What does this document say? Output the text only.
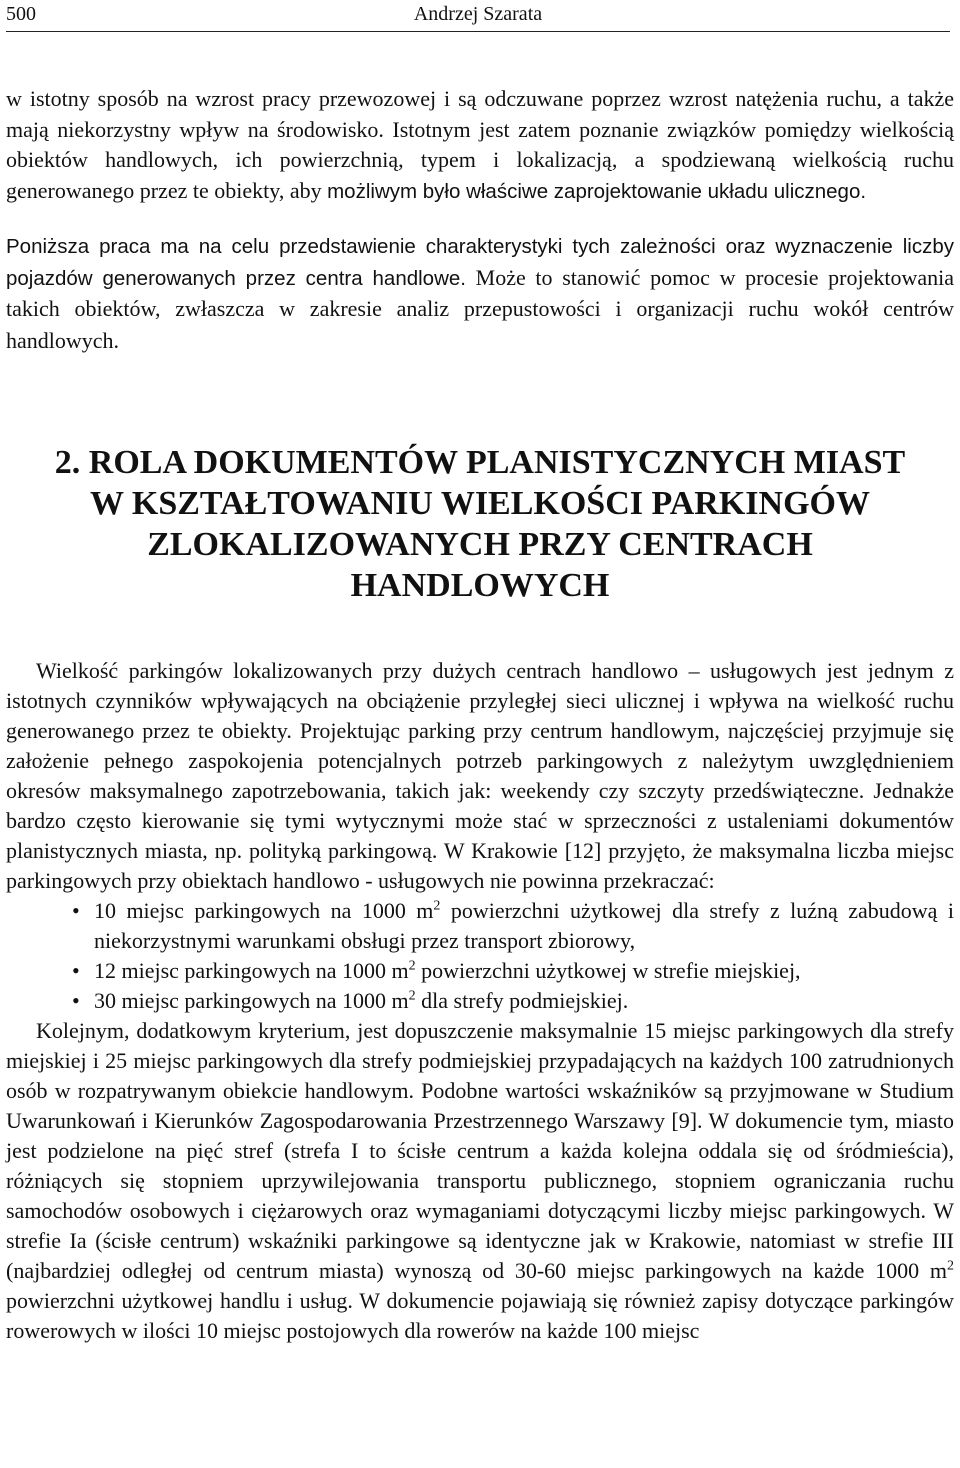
500	Andrzej Szarata

w istotny sposób na wzrost pracy przewozowej i są odczuwane poprzez wzrost natężenia ruchu, a także mają niekorzystny wpływ na środowisko. Istotnym jest zatem poznanie związków pomiędzy wielkością obiektów handlowych, ich powierzchnią, typem i lokalizacją, a spodziewaną wielkością ruchu generowanego przez te obiekty, aby możliwym było właściwe zaprojektowanie układu ulicznego.

Poniższa praca ma na celu przedstawienie charakterystyki tych zależności oraz wyznaczenie liczby pojazdów generowanych przez centra handlowe. Może to stanowić pomoc w procesie projektowania takich obiektów, zwłaszcza w zakresie analiz przepustowości i organizacji ruchu wokół centrów handlowych.

2. ROLA DOKUMENTÓW PLANISTYCZNYCH MIAST
W KSZTAŁTOWANIU WIELKOŚCI PARKINGÓW
ZLOKALIZOWANYCH PRZY CENTRACH
HANDLOWYCH

Wielkość parkingów lokalizowanych przy dużych centrach handlowo – usługowych jest jednym z istotnych czynników wpływających na obciążenie przyległej sieci ulicznej i wpływa na wielkość ruchu generowanego przez te obiekty. Projektując parking przy centrum handlowym, najczęściej przyjmuje się założenie pełnego zaspokojenia potencjalnych potrzeb parkingowych z należytym uwzględnieniem okresów maksymalnego zapotrzebowania, takich jak: weekendy czy szczyty przedświąteczne. Jednakże bardzo często kierowanie się tymi wytycznymi może stać w sprzeczności z ustaleniami dokumentów planistycznych miasta, np. polityką parkingową. W Krakowie [12] przyjęto, że maksymalna liczba miejsc parkingowych przy obiektach handlowo - usługowych nie powinna przekraczać:

• 10 miejsc parkingowych na 1000 $m^2$ powierzchni użytkowej dla strefy z luźną zabudową i niekorzystnymi warunkami obsługi przez transport zbiorowy,
• 12 miejsc parkingowych na 1000 $m^2$ powierzchni użytkowej w strefie miejskiej,
• 30 miejsc parkingowych na 1000 $m^2$ dla strefy podmiejskiej.

Kolejnym, dodatkowym kryterium, jest dopuszczenie maksymalnie 15 miejsc parkingowych dla strefy miejskiej i 25 miejsc parkingowych dla strefy podmiejskiej przypadających na każdych 100 zatrudnionych osób w rozpatrywanym obiekcie handlowym. Podobne wartości wskaźników są przyjmowane w Studium Uwarunkowań i Kierunków Zagospodarowania Przestrzennego Warszawy [9]. W dokumencie tym, miasto jest podzielone na pięć stref (strefa I to ścisłe centrum a każda kolejna oddala się od śródmieścia), różniących się stopniem uprzywilejowania transportu publicznego, stopniem ograniczania ruchu samochodów osobowych i ciężarowych oraz wymaganiami dotyczącymi liczby miejsc parkingowych. W strefie Ia (ścisłe centrum) wskaźniki parkingowe są identyczne jak w Krakowie, natomiast w strefie III (najbardziej odległej od centrum miasta) wynoszą od 30-60 miejsc parkingowych na każde 1000 $m^2$ powierzchni użytkowej handlu i usług. W dokumencie pojawiają się również zapisy dotyczące parkingów rowerowych w ilości 10 miejsc postojowych dla rowerów na każde 100 miejsc
